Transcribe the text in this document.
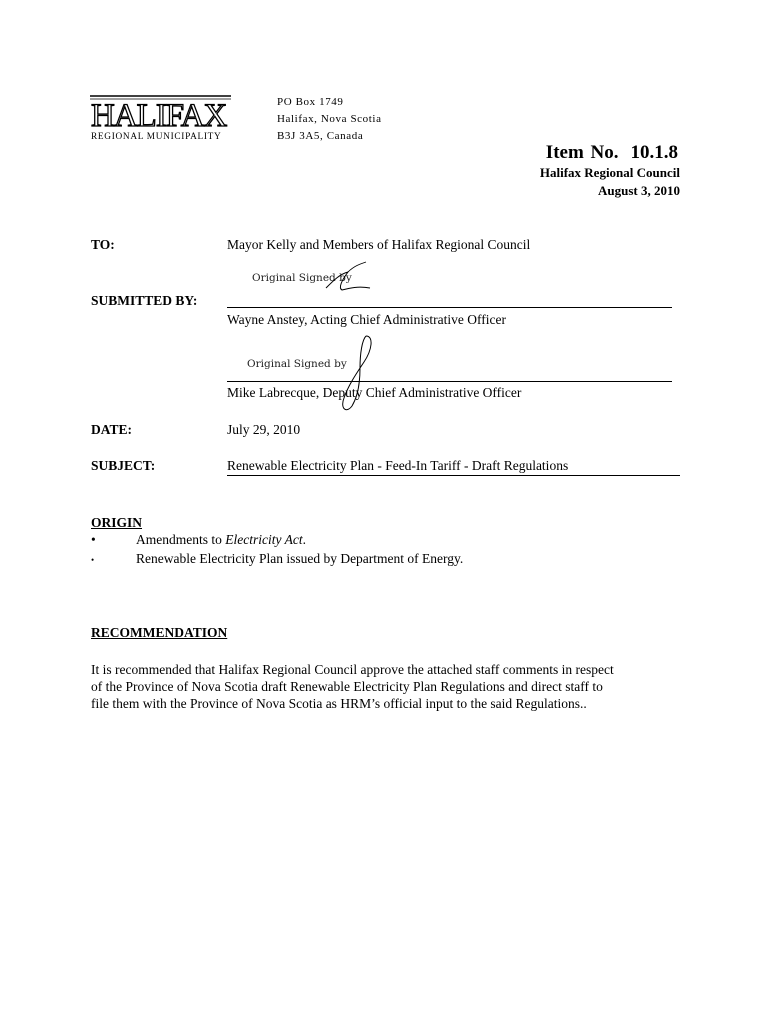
HALIFAX
REGIONAL MUNICIPALITY
PO Box 1749
Halifax, Nova Scotia
B3J 3A5, Canada
Item No. 10.1.8
Halifax Regional Council
August 3, 2010
TO:	Mayor Kelly and Members of Halifax Regional Council
Original Signed by
SUBMITTED BY:
Wayne Anstey, Acting Chief Administrative Officer
Original Signed by
Mike Labrecque, Deputy Chief Administrative Officer
DATE:	July 29, 2010
SUBJECT:	Renewable Electricity Plan - Feed-In Tariff - Draft Regulations
ORIGIN
•	Amendments to Electricity Act.
•	Renewable Electricity Plan issued by Department of Energy.
RECOMMENDATION
It is recommended that Halifax Regional Council approve the attached staff comments in respect
of the Province of Nova Scotia draft Renewable Electricity Plan Regulations and direct staff to
file them with the Province of Nova Scotia as HRM’s official input to the said Regulations..
